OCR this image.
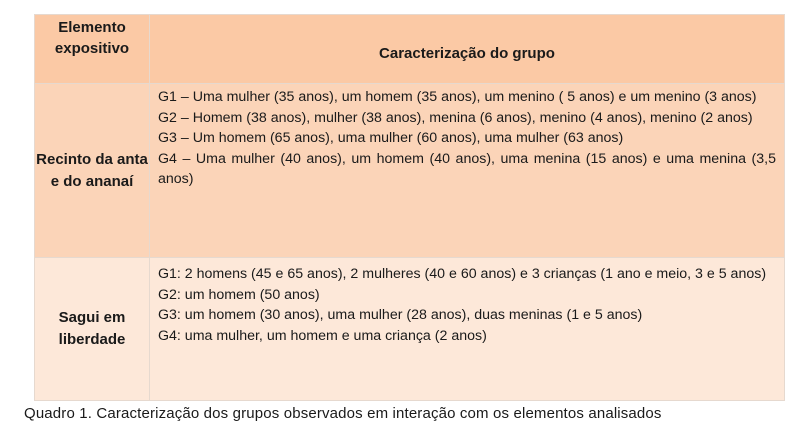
Elemento expositivo	Caracterização do grupo
Recinto da anta e do ananaí	G1 – Uma mulher (35 anos), um homem (35 anos), um menino ( 5 anos) e um menino (3 anos)

G2 – Homem (38 anos), mulher (38 anos), menina (6 anos), menino (4 anos), menino (2 anos)

G3 – Um homem (65 anos), uma mulher (60 anos), uma mulher (63 anos)

G4 – Uma mulher (40 anos), um homem (40 anos), uma menina (15 anos) e uma menina (3,5 anos)

Sagui em liberdade	G1: 2 homens (45 e 65 anos), 2 mulheres (40 e 60 anos) e 3 crianças (1 ano e meio, 3 e 5 anos)

G2: um homem (50 anos)

G3: um homem (30 anos), uma mulher (28 anos), duas meninas (1 e 5 anos)

G4: uma mulher, um homem e uma criança (2 anos)

Quadro 1. Caracterização dos grupos observados em interação com os elementos analisados
